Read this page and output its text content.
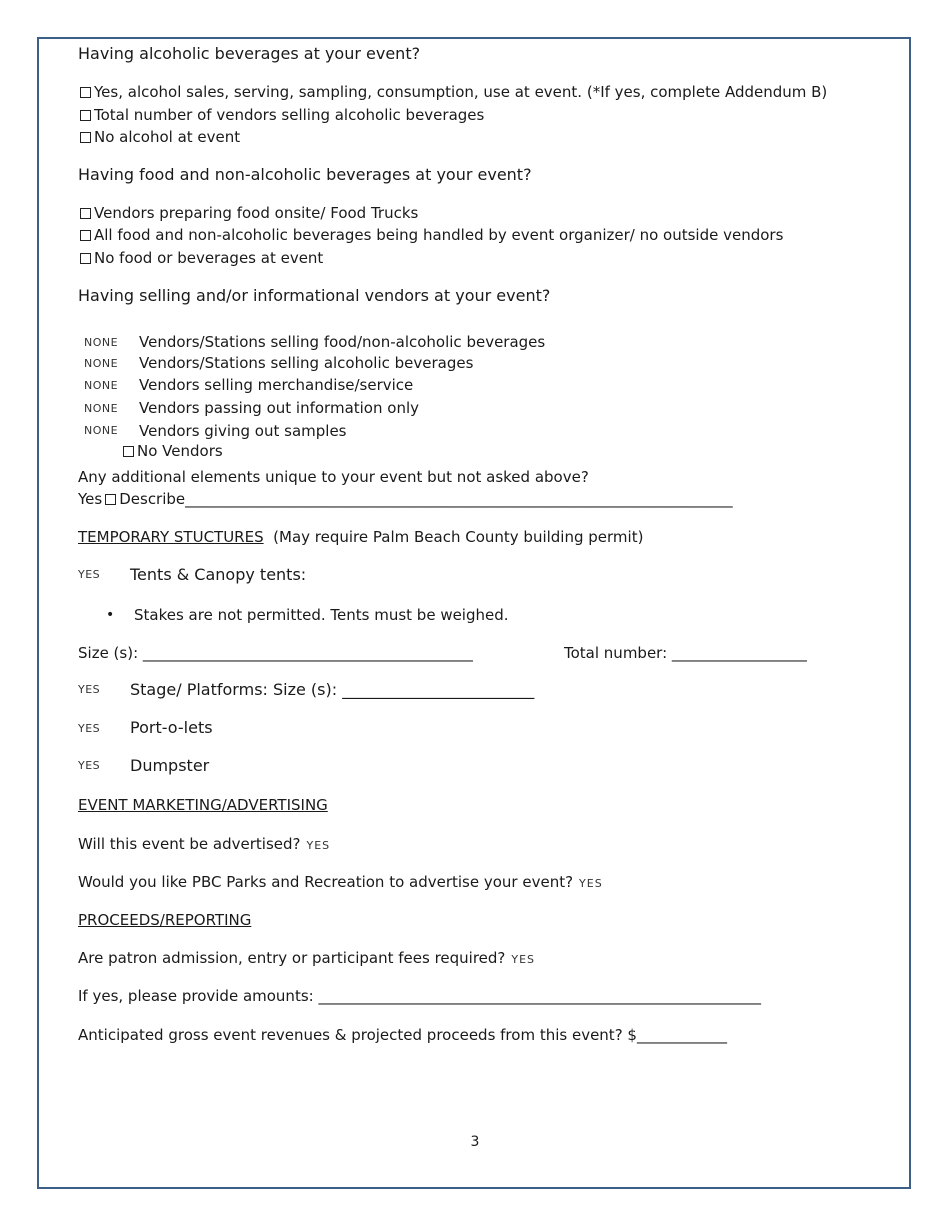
Having alcoholic beverages at your event?
Yes, alcohol sales, serving, sampling, consumption, use at event. (*If yes, complete Addendum B)
Total number of vendors selling alcoholic beverages
No alcohol at event
Having food and non-alcoholic beverages at your event?
Vendors preparing food onsite/ Food Trucks
All food and non-alcoholic beverages being handled by event organizer/ no outside vendors
No food or beverages at event
Having selling and/or informational vendors at your event?
NONE Vendors/Stations selling food/non-alcoholic beverages
NONE Vendors/Stations selling alcoholic beverages
NONE Vendors selling merchandise/service
NONE Vendors passing out information only
NONE Vendors giving out samples
No Vendors
Any additional elements unique to your event but not asked above?
Yes Describe_________________________________________________________________________
TEMPORARY STUCTURES (May require Palm Beach County building permit)
YES Tents & Canopy tents:
• Stakes are not permitted. Tents must be weighed.
Size (s): ____________________________________________	Total number: __________________
YES Stage/ Platforms: Size (s): ________________________
YES Port-o-lets
YES Dumpster
EVENT MARKETING/ADVERTISING
Will this event be advertised? YES
Would you like PBC Parks and Recreation to advertise your event? YES
PROCEEDS/REPORTING
Are patron admission, entry or participant fees required? YES
If yes, please provide amounts: ___________________________________________________________
Anticipated gross event revenues & projected proceeds from this event? $____________
3
